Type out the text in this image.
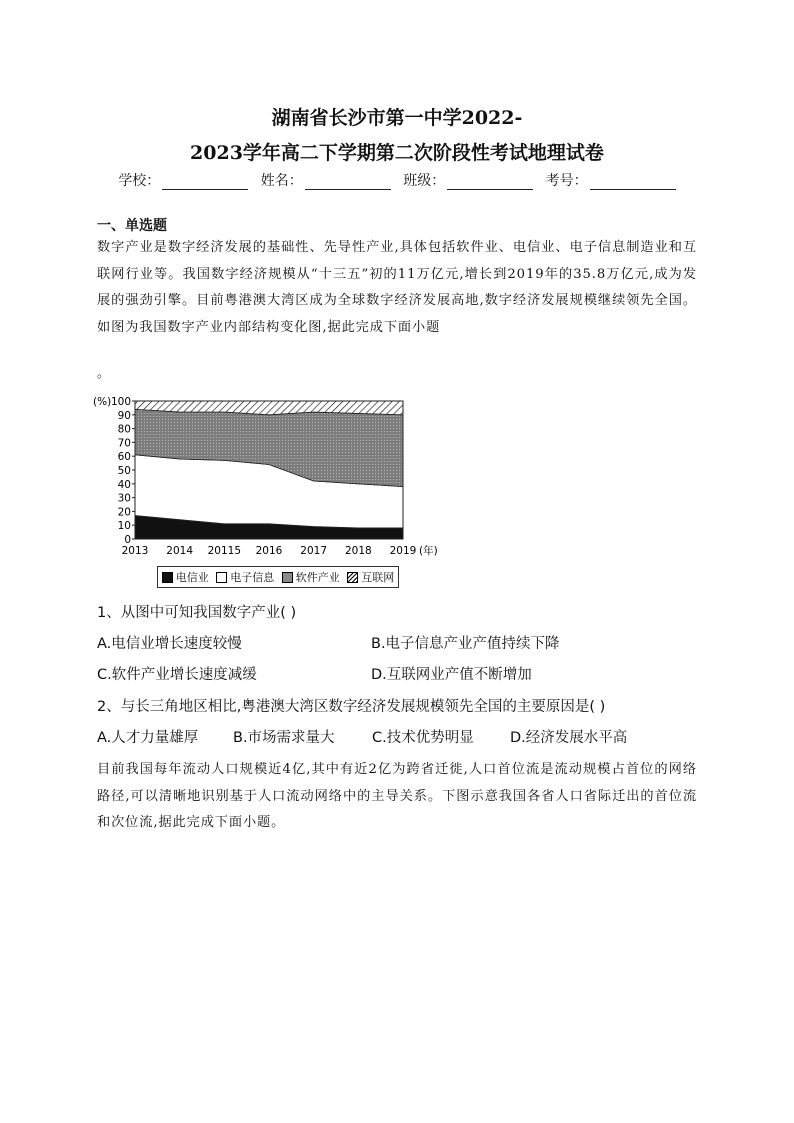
湖南省长沙市第一中学2022-
2023学年高二下学期第二次阶段性考试地理试卷
学校：	姓名：	班级：	考号：
一、单选题
数字产业是数字经济发展的基础性、先导性产业,具体包括软件业、电信业、电子信息制造业和互联网行业等。我国数字经济规模从“十三五”初的11万亿元,增长到2019年的35.8万亿元,成为发展的强劲引擎。目前粤港澳大湾区成为全球数字经济发展高地,数字经济发展规模继续领先全国。如图为我国数字产业内部结构变化图,据此完成下面小题
。
0
10
20
30
40
50
60
70
80
90
100
2013 2014 20115 2016 2017 2018 2019
(%)
(年)
电信业 电子信息 软件产业 互联网
1、从图中可知我国数字产业( )
A.电信业增长速度较慢	B.电子信息产业产值持续下降
C.软件产业增长速度减缓	D.互联网业产值不断增加
2、与长三角地区相比,粤港澳大湾区数字经济发展规模领先全国的主要原因是( )
A.人才力量雄厚 B.市场需求量大	C.技术优势明显	D.经济发展水平高
目前我国每年流动人口规模近4亿,其中有近2亿为跨省迁徙,人口首位流是流动规模占首位的网络路径,可以清晰地识别基于人口流动网络中的主导关系。下图示意我国各省人口省际迁出的首位流和次位流,据此完成下面小题。
